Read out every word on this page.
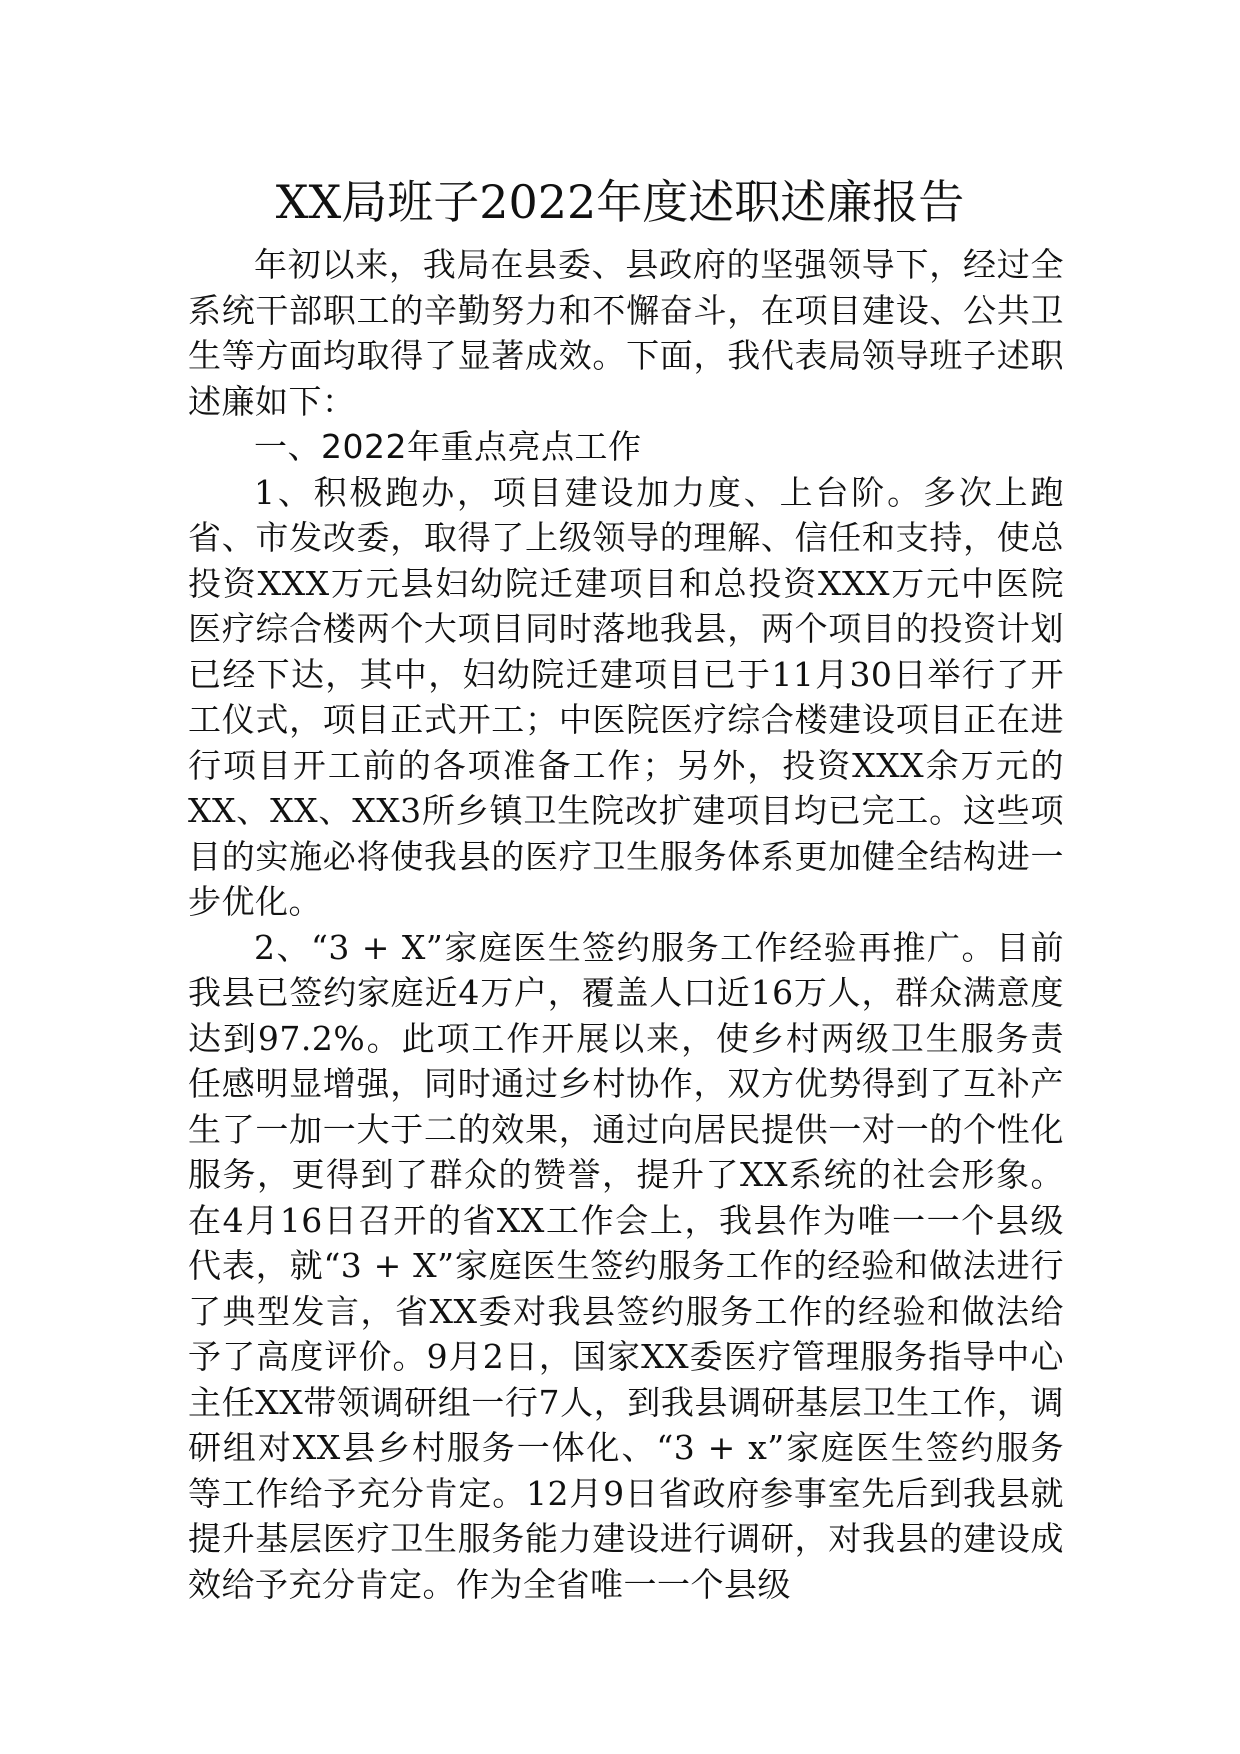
XX局班子2022年度述职述廉报告

年初以来，我局在县委、县政府的坚强领导下，经过全系统干部职工的辛勤努力和不懈奋斗，在项目建设、公共卫生等方面均取得了显著成效。下面，我代表局领导班子述职述廉如下：

一、2022年重点亮点工作

1、积极跑办，项目建设加力度、上台阶。多次上跑省、市发改委，取得了上级领导的理解、信任和支持，使总投资XXX万元县妇幼院迁建项目和总投资XXX万元中医院医疗综合楼两个大项目同时落地我县，两个项目的投资计划已经下达，其中，妇幼院迁建项目已于11月30日举行了开工仪式，项目正式开工；中医院医疗综合楼建设项目正在进行项目开工前的各项准备工作；另外，投资XXX余万元的XX、XX、XX3所乡镇卫生院改扩建项目均已完工。这些项目的实施必将使我县的医疗卫生服务体系更加健全结构进一步优化。

2、“3 + X”家庭医生签约服务工作经验再推广。目前我县已签约家庭近4万户，覆盖人口近16万人，群众满意度达到97.2%。此项工作开展以来，使乡村两级卫生服务责任感明显增强，同时通过乡村协作，双方优势得到了互补产生了一加一大于二的效果，通过向居民提供一对一的个性化服务，更得到了群众的赞誉，提升了XX系统的社会形象。在4月16日召开的省XX工作会上，我县作为唯一一个县级代表，就“3 + X”家庭医生签约服务工作的经验和做法进行了典型发言，省XX委对我县签约服务工作的经验和做法给予了高度评价。9月2日，国家XX委医疗管理服务指导中心主任XX带领调研组一行7人，到我县调研基层卫生工作，调研组对XX县乡村服务一体化、“3 + x”家庭医生签约服务等工作给予充分肯定。12月9日省政府参事室先后到我县就提升基层医疗卫生服务能力建设进行调研，对我县的建设成效给予充分肯定。作为全省唯一一个县级
